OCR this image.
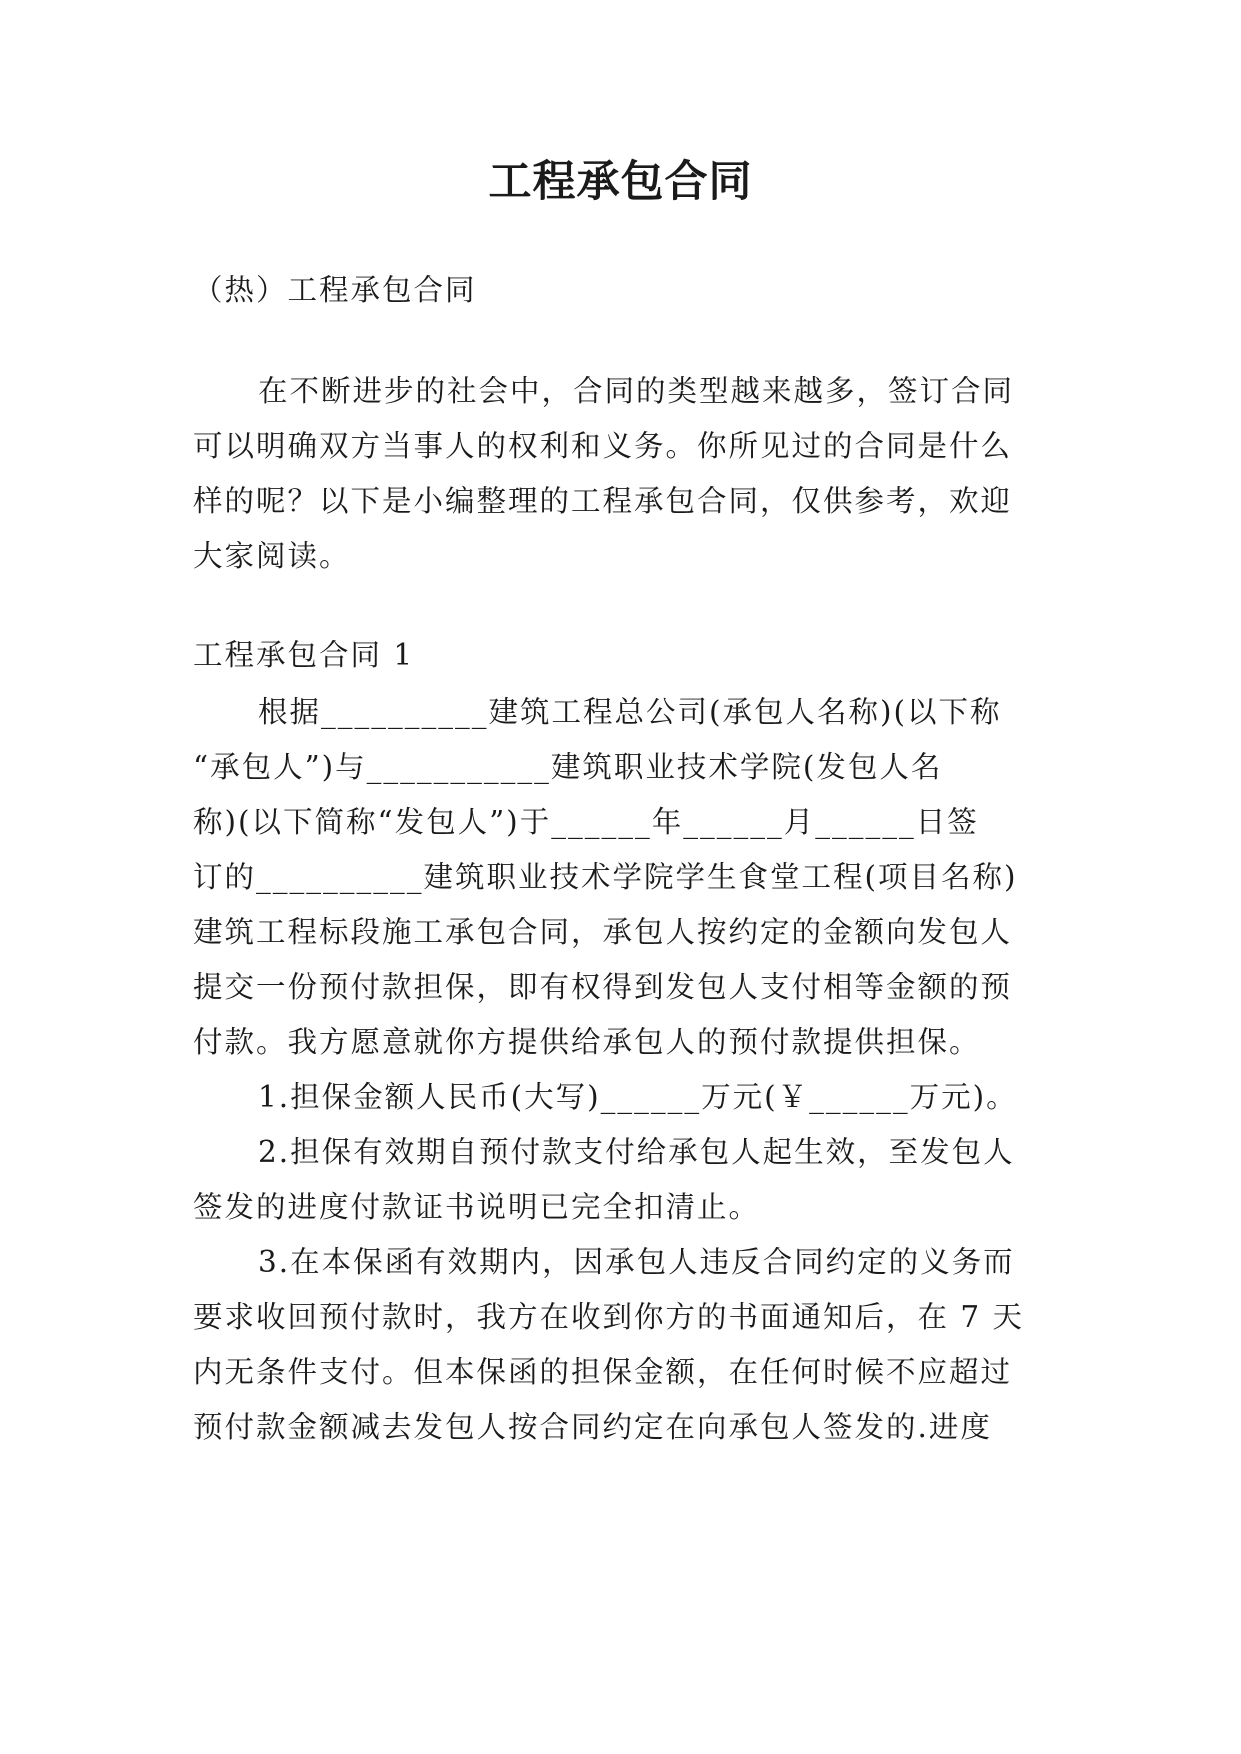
工程承包合同
（热）工程承包合同
在不断进步的社会中，合同的类型越来越多，签订合同
可以明确双方当事人的权利和义务。你所见过的合同是什么
样的呢？以下是小编整理的工程承包合同，仅供参考，欢迎
大家阅读。
工程承包合同 1
根据__________建筑工程总公司(承包人名称)(以下称
“承包人”)与___________建筑职业技术学院(发包人名
称)(以下简称“发包人”)于______年______月______日签
订的__________建筑职业技术学院学生食堂工程(项目名称)
建筑工程标段施工承包合同，承包人按约定的金额向发包人
提交一份预付款担保，即有权得到发包人支付相等金额的预
付款。我方愿意就你方提供给承包人的预付款提供担保。
1.担保金额人民币(大写)______万元(￥______万元)。
2.担保有效期自预付款支付给承包人起生效，至发包人
签发的进度付款证书说明已完全扣清止。
3.在本保函有效期内，因承包人违反合同约定的义务而
要求收回预付款时，我方在收到你方的书面通知后，在 7 天
内无条件支付。但本保函的担保金额，在任何时候不应超过
预付款金额减去发包人按合同约定在向承包人签发的.进度
